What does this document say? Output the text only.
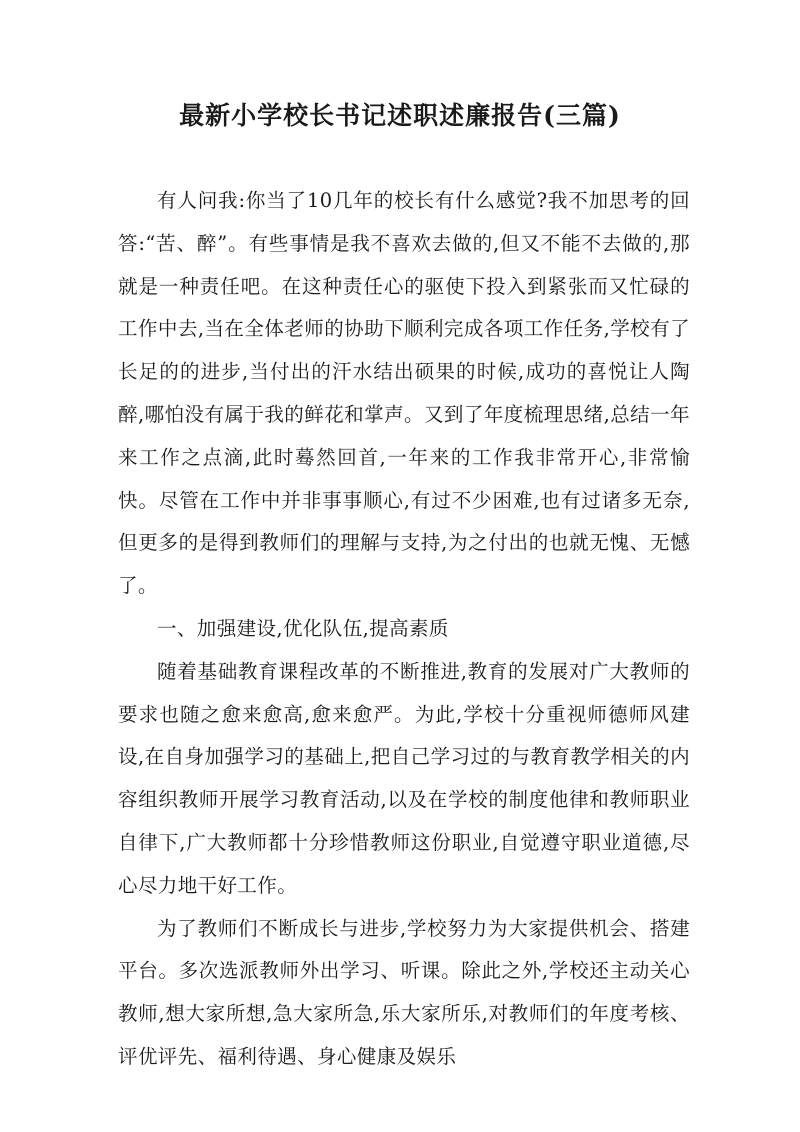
最新小学校长书记述职述廉报告(三篇)

有人问我:你当了10几年的校长有什么感觉?我不加思考的回答:“苦、醉”。有些事情是我不喜欢去做的,但又不能不去做的,那就是一种责任吧。在这种责任心的驱使下投入到紧张而又忙碌的工作中去,当在全体老师的协助下顺利完成各项工作任务,学校有了长足的的进步,当付出的汗水结出硕果的时候,成功的喜悦让人陶醉,哪怕没有属于我的鲜花和掌声。又到了年度梳理思绪,总结一年来工作之点滴,此时蓦然回首,一年来的工作我非常开心,非常愉快。尽管在工作中并非事事顺心,有过不少困难,也有过诸多无奈,但更多的是得到教师们的理解与支持,为之付出的也就无愧、无憾了。

一、加强建设,优化队伍,提高素质

随着基础教育课程改革的不断推进,教育的发展对广大教师的要求也随之愈来愈高,愈来愈严。为此,学校十分重视师德师风建设,在自身加强学习的基础上,把自己学习过的与教育教学相关的内容组织教师开展学习教育活动,以及在学校的制度他律和教师职业自律下,广大教师都十分珍惜教师这份职业,自觉遵守职业道德,尽心尽力地干好工作。

为了教师们不断成长与进步,学校努力为大家提供机会、搭建平台。多次选派教师外出学习、听课。除此之外,学校还主动关心教师,想大家所想,急大家所急,乐大家所乐,对教师们的年度考核、评优评先、福利待遇、身心健康及娱乐
